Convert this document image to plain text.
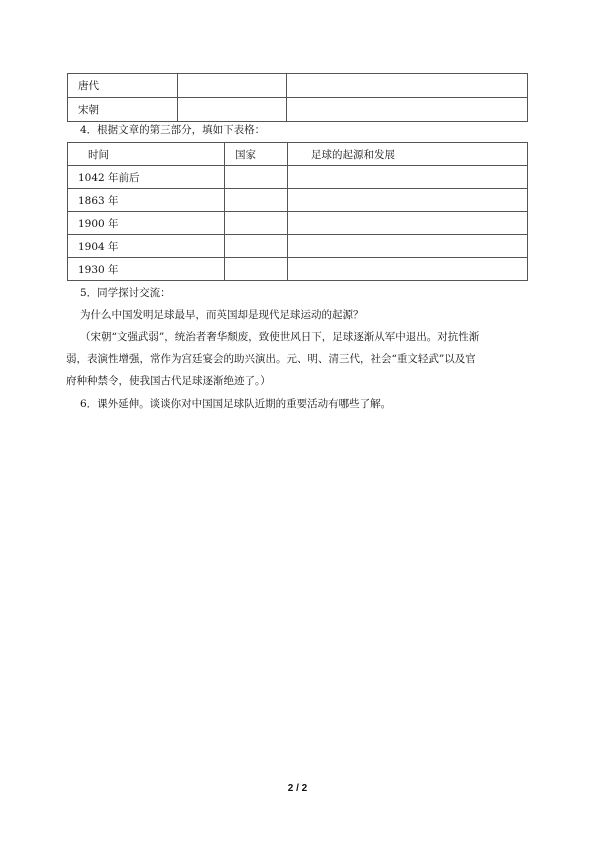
唐代		
宋朝		
4．根据文章的第三部分，填如下表格：
时间	国家	足球的起源和发展
1042 年前后		
1863 年		
1900 年		
1904 年		
1930 年		
5．同学探讨交流：
为什么中国发明足球最早，而英国却是现代足球运动的起源？
（宋朝“文强武弱”，统治者奢华颓废，致使世风日下，足球逐渐从军中退出。对抗性渐
弱，表演性增强，常作为宫廷宴会的助兴演出。元、明、清三代，社会“重文轻武”以及官
府种种禁令，使我国古代足球逐渐绝迹了。）
6．课外延伸。谈谈你对中国国足球队近期的重要活动有哪些了解。
2 / 2
